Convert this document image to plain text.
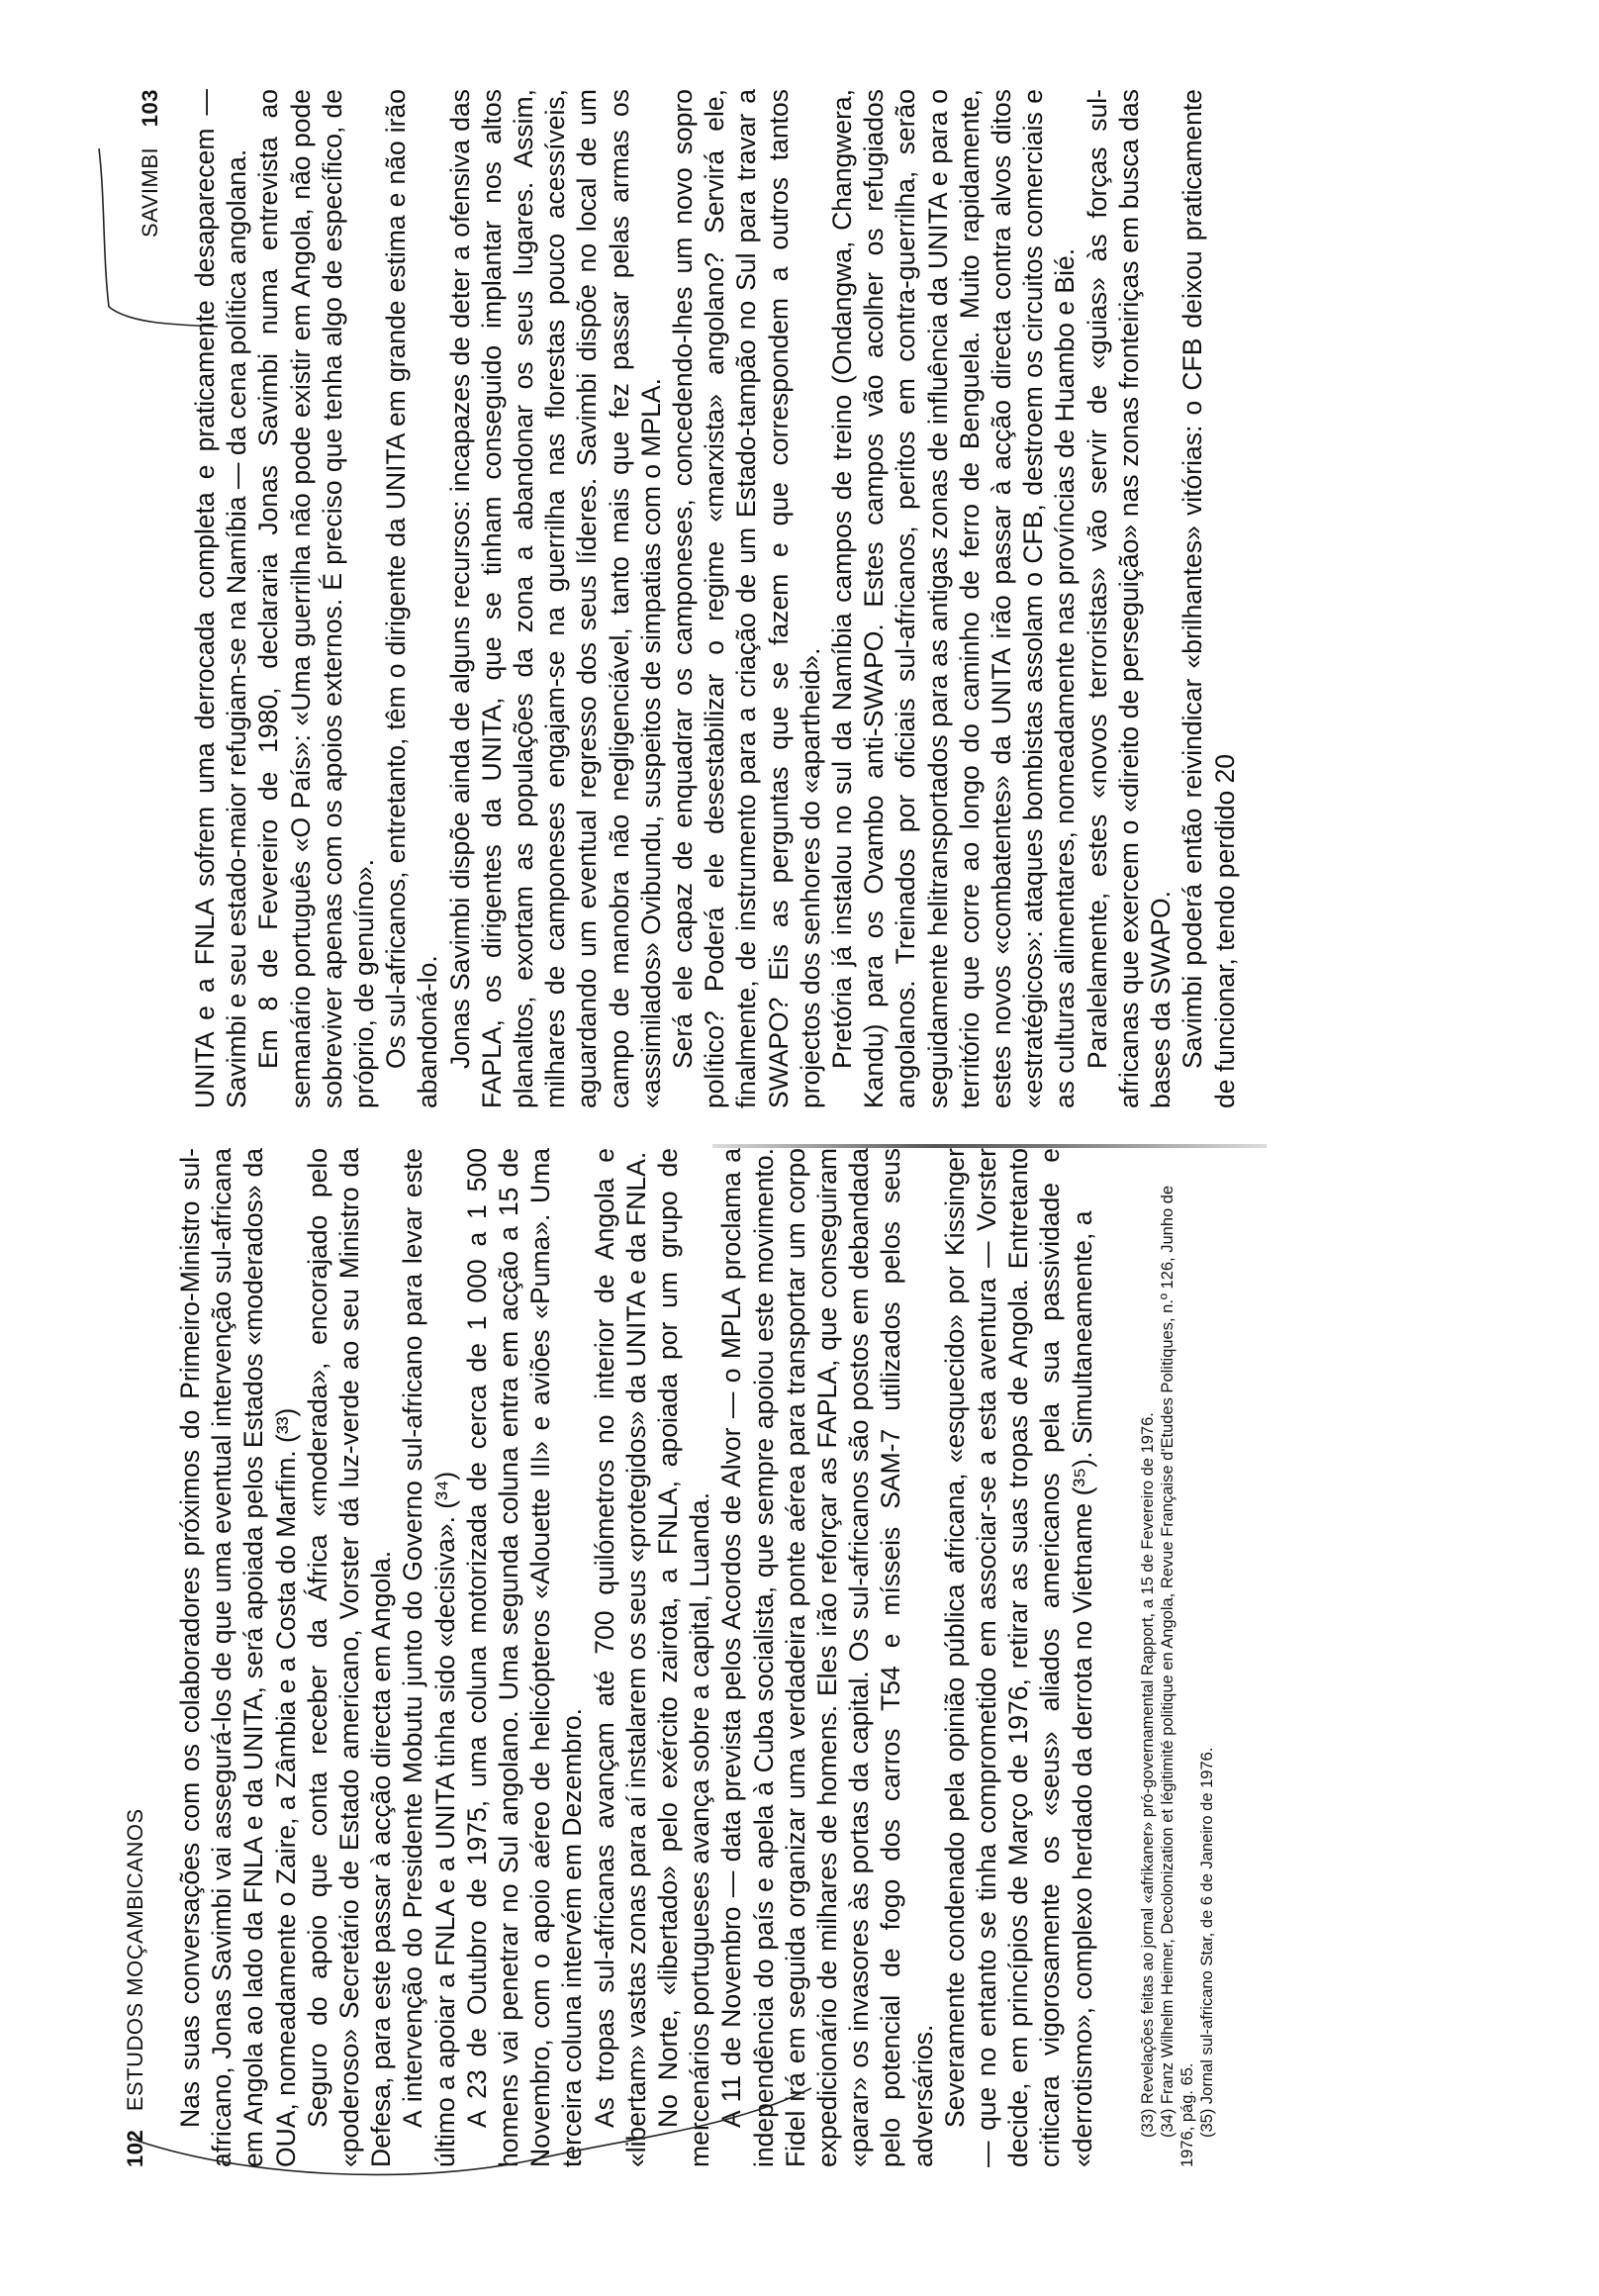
102 ESTUDOS MOÇAMBICANOS Nas suas conversações com os colaboradores próximos do Primeiro-Ministro sul-africano, Jonas Savimbi vai assegurá-los de que uma eventual intervenção sul-africana em Angola ao lado da FNLA e da UNITA, será apoiada pelos Estados «moderados» da OUA, nomeadamente o Zaire, a Zâmbia e a Costa do Marfim. (³³) Seguro do apoio que conta receber da África «moderada», encorajado pelo «poderoso» Secretário de Estado americano, Vorster dá luz-verde ao seu Ministro da Defesa, para este passar à acção directa em Angola. A intervenção do Presidente Mobutu junto do Governo sul-africano para levar este último a apoiar a FNLA e a UNITA tinha sido «decisiva». (³⁴) A 23 de Outubro de 1975, uma coluna motorizada de cerca de 1 000 a 1 500 homens vai penetrar no Sul angolano. Uma segunda coluna entra em acção a 15 de Novembro, com o apoio aéreo de helicópteros «Alouette III» e aviões «Puma». Uma terceira coluna intervém em Dezembro. As tropas sul-africanas avançam até 700 quilómetros no interior de Angola e «libertam» vastas zonas para aí instalarem os seus «protegidos» da UNITA e da FNLA. No Norte, «libertado» pelo exército zairota, a FNLA, apoiada por um grupo de mercenários portugueses avança sobre a capital, Luanda. A 11 de Novembro — data prevista pelos Acordos de Alvor — o MPLA proclama a independência do país e apela à Cuba socialista, que sempre apoiou este movimento. Fidel irá em seguida organizar uma verdadeira ponte aérea para transportar um corpo expedicionário de milhares de homens. Eles irão reforçar as FAPLA, que conseguiram «parar» os invasores às portas da capital. Os sul-africanos são postos em debandada pelo potencial de fogo dos carros T54 e mísseis SAM-7 utilizados pelos seus adversários. Severamente condenado pela opinião pública africana, «esquecido» por Kissinger — que no entanto se tinha comprometido em associar-se a esta aventura — Vorster decide, em princípios de Março de 1976, retirar as suas tropas de Angola. Entretanto criticara vigorosamente os «seus» aliados americanos pela sua passividade e «derrotismo», complexo herdado da derrota no Vietname (³⁵). Simultaneamente, a	(33) Revelações feitas ao jornal «afrikaner» pró-governamental Rapport, a 15 de Fevereiro de 1976. (34) Franz Wilhelm Heimer, Decolonization et légitimité politique en Angola, Revue Française d'Etudes Politiques, n.º 126, Junho de 1976, pág. 65. (35) Jornal sul-africano Star, de 6 de Janeiro de 1976.

SAVIMBI 103 UNITA e a FNLA sofrem uma derrocada completa e praticamente desaparecem — Savimbi e seu estado-maior refugiam-se na Namíbia — da cena política angolana. Em 8 de Fevereiro de 1980, declararia Jonas Savimbi numa entrevista ao semanário português «O País»: «Uma guerrilha não pode existir em Angola, não pode sobreviver apenas com os apoios externos. É preciso que tenha algo de específico, de próprio, de genuíno». Os sul-africanos, entretanto, têm o dirigente da UNITA em grande estima e não irão abandoná-lo. Jonas Savimbi dispõe ainda de alguns recursos: incapazes de deter a ofensiva das FAPLA, os dirigentes da UNITA, que se tinham conseguido implantar nos altos planaltos, exortam as populações da zona a abandonar os seus lugares. Assim, milhares de camponeses engajam-se na guerrilha nas florestas pouco acessíveis, aguardando um eventual regresso dos seus líderes. Savimbi dispõe no local de um campo de manobra não negligenciável, tanto mais que fez passar pelas armas os «assimilados» Ovibundu, suspeitos de simpatias com o MPLA. Será ele capaz de enquadrar os camponeses, concedendo-lhes um novo sopro político? Poderá ele desestabilizar o regime «marxista» angolano? Servirá ele, finalmente, de instrumento para a criação de um Estado-tampão no Sul para travar a SWAPO? Eis as perguntas que se fazem e que correspondem a outros tantos projectos dos senhores do «apartheid». Pretória já instalou no sul da Namíbia campos de treino (Ondangwa, Changwera, Kandu) para os Ovambo anti-SWAPO. Estes campos vão acolher os refugiados angolanos. Treinados por oficiais sul-africanos, peritos em contra-guerrilha, serão seguidamente helitransportados para as antigas zonas de influência da UNITA e para o território que corre ao longo do caminho de ferro de Benguela. Muito rapidamente, estes novos «combatentes» da UNITA irão passar à acção directa contra alvos ditos «estratégicos»: ataques bombistas assolam o CFB, destroem os circuitos comerciais e as culturas alimentares, nomeadamente nas províncias de Huambo e Bié. Paralelamente, estes «novos terroristas» vão servir de «guias» às forças sul-africanas que exercem o «direito de perseguição» nas zonas fronteiriças em busca das bases da SWAPO. Savimbi poderá então reivindicar «brilhantes» vitórias: o CFB deixou praticamente de funcionar, tendo perdido 20
